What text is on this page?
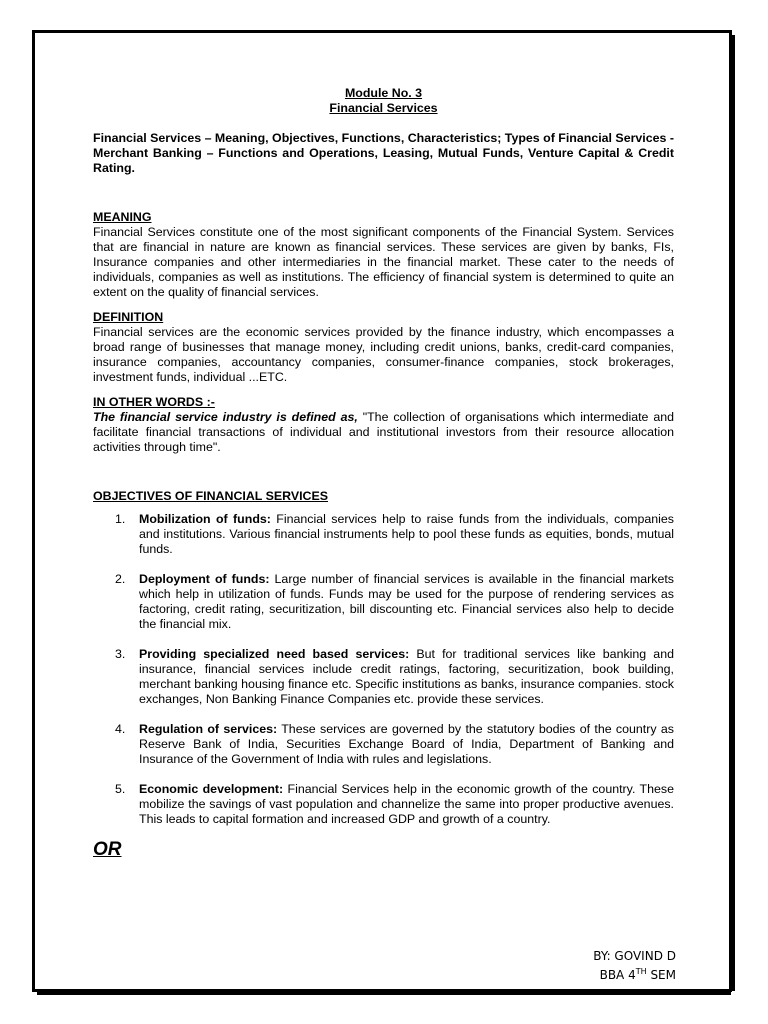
Module No. 3

Financial Services

Financial Services – Meaning, Objectives, Functions, Characteristics; Types of Financial Services - Merchant Banking – Functions and Operations, Leasing, Mutual Funds, Venture Capital & Credit Rating.

MEANING

Financial Services constitute one of the most significant components of the Financial System. Services that are financial in nature are known as financial services. These services are given by banks, FIs, Insurance companies and other intermediaries in the financial market. These cater to the needs of individuals, companies as well as institutions. The efficiency of financial system is determined to quite an extent on the quality of financial services.

DEFINITION

Financial services are the economic services provided by the finance industry, which encompasses a broad range of businesses that manage money, including credit unions, banks, credit-card companies, insurance companies, accountancy companies, consumer-finance companies, stock brokerages, investment funds, individual ...ETC.

IN OTHER WORDS :-

The financial service industry is defined as, "The collection of organisations which intermediate and facilitate financial transactions of individual and institutional investors from their resource allocation activities through time".

OBJECTIVES OF FINANCIAL SERVICES

1. Mobilization of funds: Financial services help to raise funds from the individuals, companies and institutions. Various financial instruments help to pool these funds as equities, bonds, mutual funds.
2. Deployment of funds: Large number of financial services is available in the financial markets which help in utilization of funds. Funds may be used for the purpose of rendering services as factoring, credit rating, securitization, bill discounting etc. Financial services also help to decide the financial mix.
3. Providing specialized need based services: But for traditional services like banking and insurance, financial services include credit ratings, factoring, securitization, book building, merchant banking housing finance etc. Specific institutions as banks, insurance companies. stock exchanges, Non Banking Finance Companies etc. provide these services.
4. Regulation of services: These services are governed by the statutory bodies of the country as Reserve Bank of India, Securities Exchange Board of India, Department of Banking and Insurance of the Government of India with rules and legislations.
5. Economic development: Financial Services help in the economic growth of the country. These mobilize the savings of vast population and channelize the same into proper productive avenues. This leads to capital formation and increased GDP and growth of a country.
OR
BY: GOVIND D
BBA 4TH SEM
